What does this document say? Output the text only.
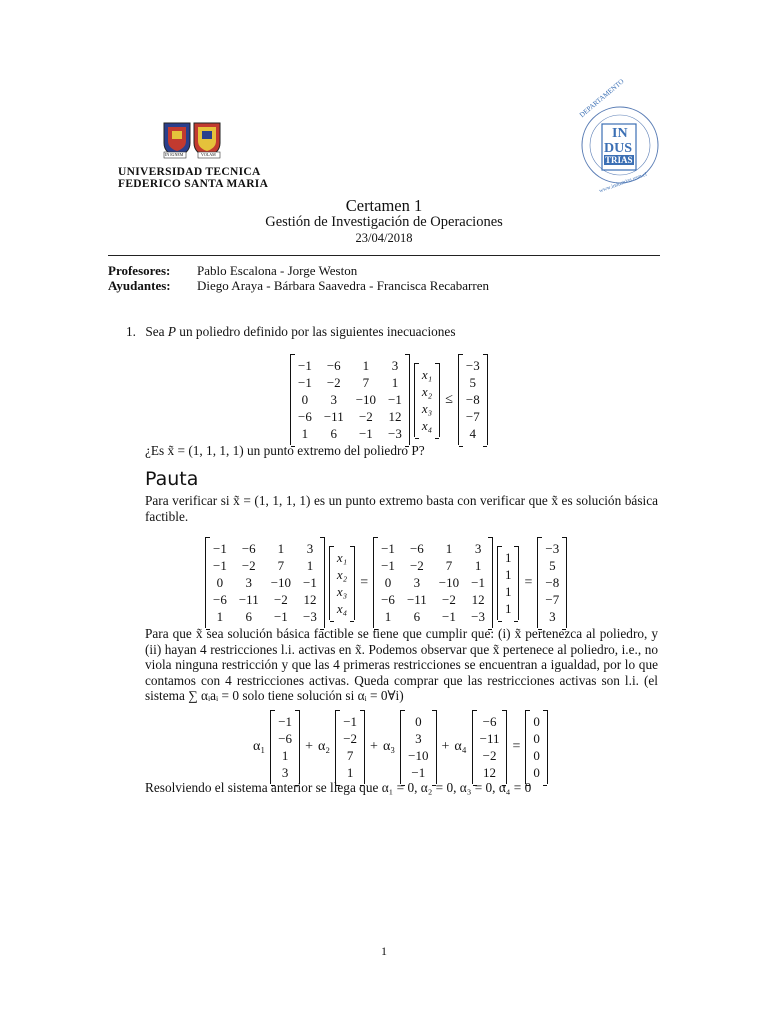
IN IGNEM	VOLAM
UNIVERSIDAD TECNICA
FEDERICO SANTA MARIA
DEPARTAMENTO
IN
DUS
TRIAS
www.industrias.usm.cl
Certamen 1
Gestión de Investigación de Operaciones
23/04/2018
Profesores: Pablo Escalona - Jorge Weston
Ayudantes: Diego Araya - Bárbara Saavedra - Francisca Recabarren
1. Sea P un poliedro definido por las siguientes inecuaciones
−1	−6	1	3
−1	−2	7	1
0	3	−10	−1
−6	−11	−2	12
1	6	−1	−3

x₁
x₂
x₃
x₄

≤
−3
5
−8
−7
4

¿Es x̃ = (1, 1, 1, 1) un punto extremo del poliedro P?
Pauta
Para verificar si x̃ = (1, 1, 1, 1) es un punto extremo basta con verificar que x̃ es solución básica factible.
−1	−6	1	3
−1	−2	7	1
0	3	−10	−1
−6	−11	−2	12
1	6	−1	−3

x₁
x₂
x₃
x₄

=
−1	−6	1	3
−1	−2	7	1
0	3	−10	−1
−6	−11	−2	12
1	6	−1	−3

1
1
1
1

=
−3
5
−8
−7
3

Para que x̃ sea solución básica factible se tiene que cumplir que: (i) x̃ pertenezca al poliedro, y (ii) hayan 4 restricciones l.i. activas en x̃. Podemos observar que x̃ pertenece al poliedro, i.e., no viola ninguna restricción y que las 4 primeras restricciones se encuentran a igualdad, por lo que contamos con 4 restricciones activas. Queda comprar que las restricciones activas son l.i. (el sistema ∑ αᵢaᵢ = 0 solo tiene solución si αᵢ = 0∀i)
α₁
−1
−6
1
3

+ α₂
−1
−2
7
1

+ α₃
0
3
−10
−1

+ α₄
−6
−11
−2
12

=
0
0
0
0

Resolviendo el sistema anterior se llega que α₁ = 0, α₂ = 0, α₃ = 0, α₄ = 0
1
